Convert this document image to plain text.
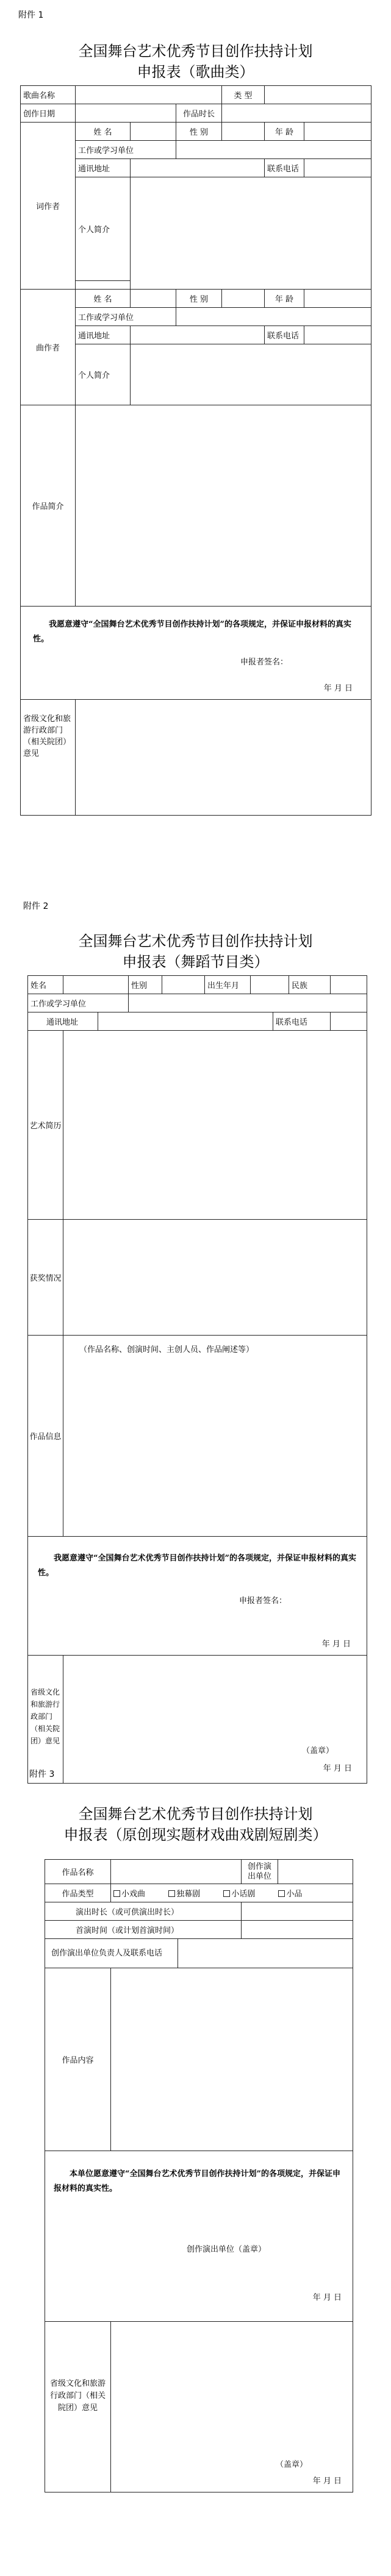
附件 1
全国舞台艺术优秀节目创作扶持计划
申报表（歌曲类）
歌曲名称				类 型		
创作日期			作品时长			
词作者	姓 名		性 别		年 龄	
	工作或学习单位					
	通讯地址				联系电话	
	个人简介					

曲作者	姓 名		性 别		年 龄	
	工作或学习单位					
	通讯地址				联系电话	
	个人简介					
作品简介						

我愿意遵守“全国舞台艺术优秀节目创作扶持计划”的各项规定，并保证申报材料的真实性。
申报者签名：
年 月 日						

省级文化和旅游行政部门（相关院团）意见						
附件 2
全国舞台艺术优秀节目创作扶持计划
申报表（舞蹈节目类）
姓名			性别		出生年月			民族	
工作或学习单位									
通讯地址							联系电话		
艺术简历									
获奖情况									
作品信息	（作品名称、创演时间、主创人员、作品阐述等）								

我愿意遵守“全国舞台艺术优秀节目创作扶持计划”的各项规定，并保证申报材料的真实性。
申报者签名：
年 月 日									

省级文化和旅游行政部门（相关院团）意见	（盖章）
年 月 日								
附件 3
全国舞台艺术优秀节目创作扶持计划
申报表（原创现实题材戏曲戏剧短剧类）
作品名称			创作演出单位	
作品类型	小戏曲 独幕剧 小话剧 小品			
演出时长（或可供演出时长）				
首演时间（或计划首演时间）				
创作演出单位负责人及联系电话				
作品内容				

本单位愿意遵守“全国舞台艺术优秀节目创作扶持计划”的各项规定，并保证申报材料的真实性。
创作演出单位（盖章）
年 月 日				

省级文化和旅游行政部门（相关院团）意见	（盖章）
年 月 日			
